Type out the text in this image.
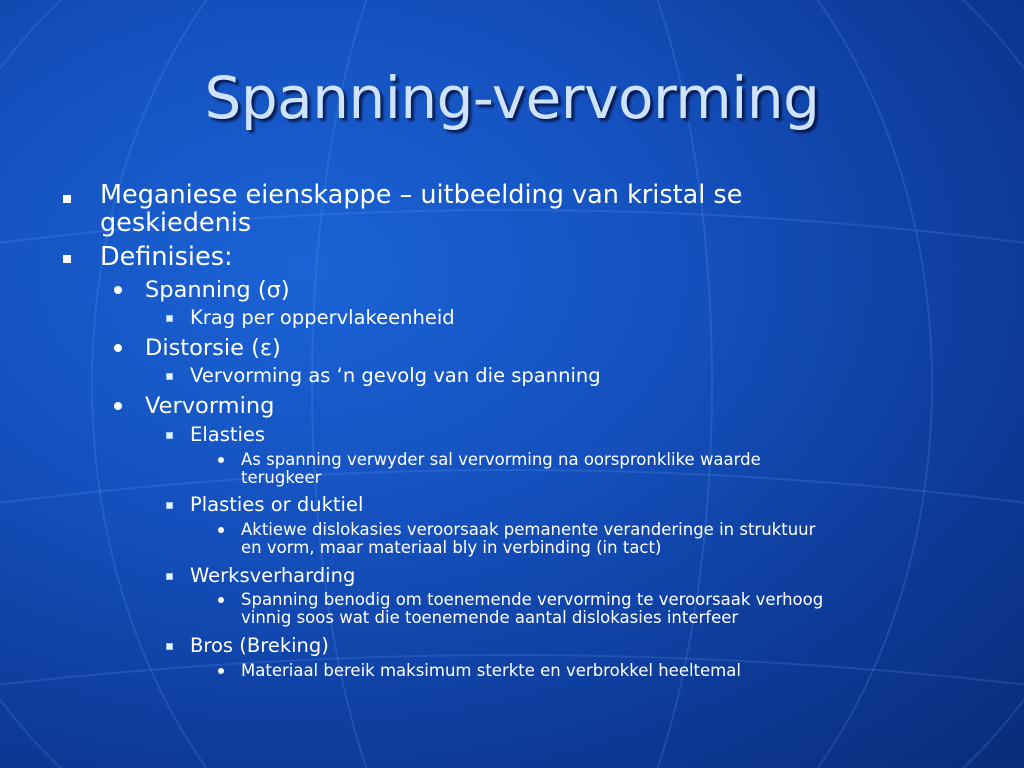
Spanning-vervorming
Meganiese eienskappe – uitbeelding van kristal se
geskiedenis
Definisies:
Spanning (σ)
Krag per oppervlakeenheid
Distorsie (ε)
Vervorming as ‘n gevolg van die spanning
Vervorming
Elasties
As spanning verwyder sal vervorming na oorspronklike waarde
terugkeer
Plasties or duktiel
Aktiewe dislokasies veroorsaak pemanente veranderinge in struktuur
en vorm, maar materiaal bly in verbinding (in tact)
Werksverharding
Spanning benodig om toenemende vervorming te veroorsaak verhoog
vinnig soos wat die toenemende aantal dislokasies interfeer
Bros (Breking)
Materiaal bereik maksimum sterkte en verbrokkel heeltemal
